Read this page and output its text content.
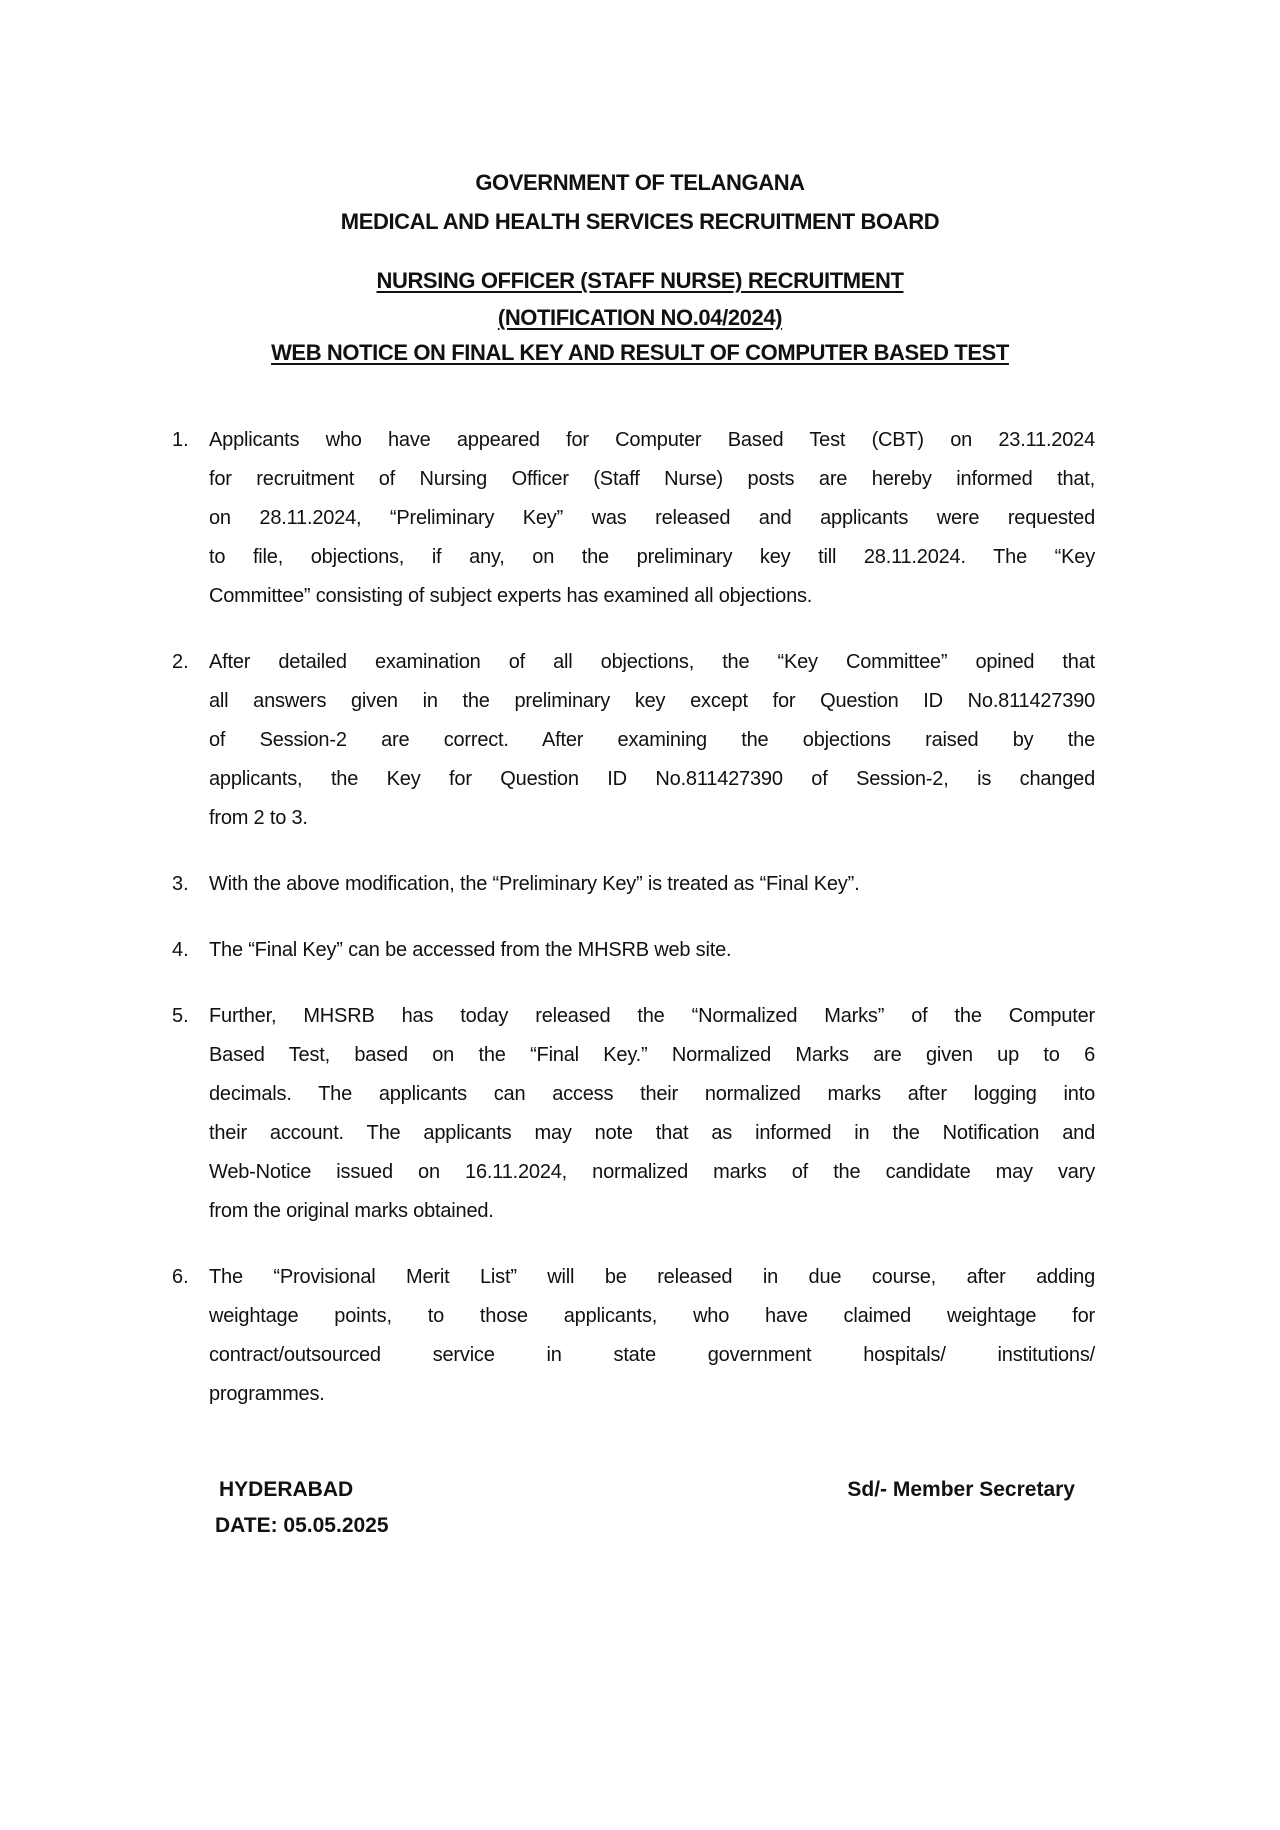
GOVERNMENT OF TELANGANA
MEDICAL AND HEALTH SERVICES RECRUITMENT BOARD
NURSING OFFICER (STAFF NURSE) RECRUITMENT
(NOTIFICATION NO.04/2024)
WEB NOTICE ON FINAL KEY AND RESULT OF COMPUTER BASED TEST
1. Applicants who have appeared for Computer Based Test (CBT) on 23.11.2024
for recruitment of Nursing Officer (Staff Nurse) posts are hereby informed that,
on 28.11.2024, “Preliminary Key” was released and applicants were requested
to file, objections, if any, on the preliminary key till 28.11.2024. The “Key
Committee” consisting of subject experts has examined all objections.
2. After detailed examination of all objections, the “Key Committee” opined that
all answers given in the preliminary key except for Question ID No.811427390
of Session-2 are correct. After examining the objections raised by the
applicants, the Key for Question ID No.811427390 of Session-2, is changed
from 2 to 3.
3. With the above modification, the “Preliminary Key” is treated as “Final Key”.
4. The “Final Key” can be accessed from the MHSRB web site.
5. Further, MHSRB has today released the “Normalized Marks” of the Computer
Based Test, based on the “Final Key.” Normalized Marks are given up to 6
decimals. The applicants can access their normalized marks after logging into
their account. The applicants may note that as informed in the Notification and
Web-Notice issued on 16.11.2024, normalized marks of the candidate may vary
from the original marks obtained.
6. The “Provisional Merit List” will be released in due course, after adding
weightage points, to those applicants, who have claimed weightage for
contract/outsourced service in state government hospitals/ institutions/
programmes.
HYDERABAD
DATE: 05.05.2025
Sd/- Member Secretary
